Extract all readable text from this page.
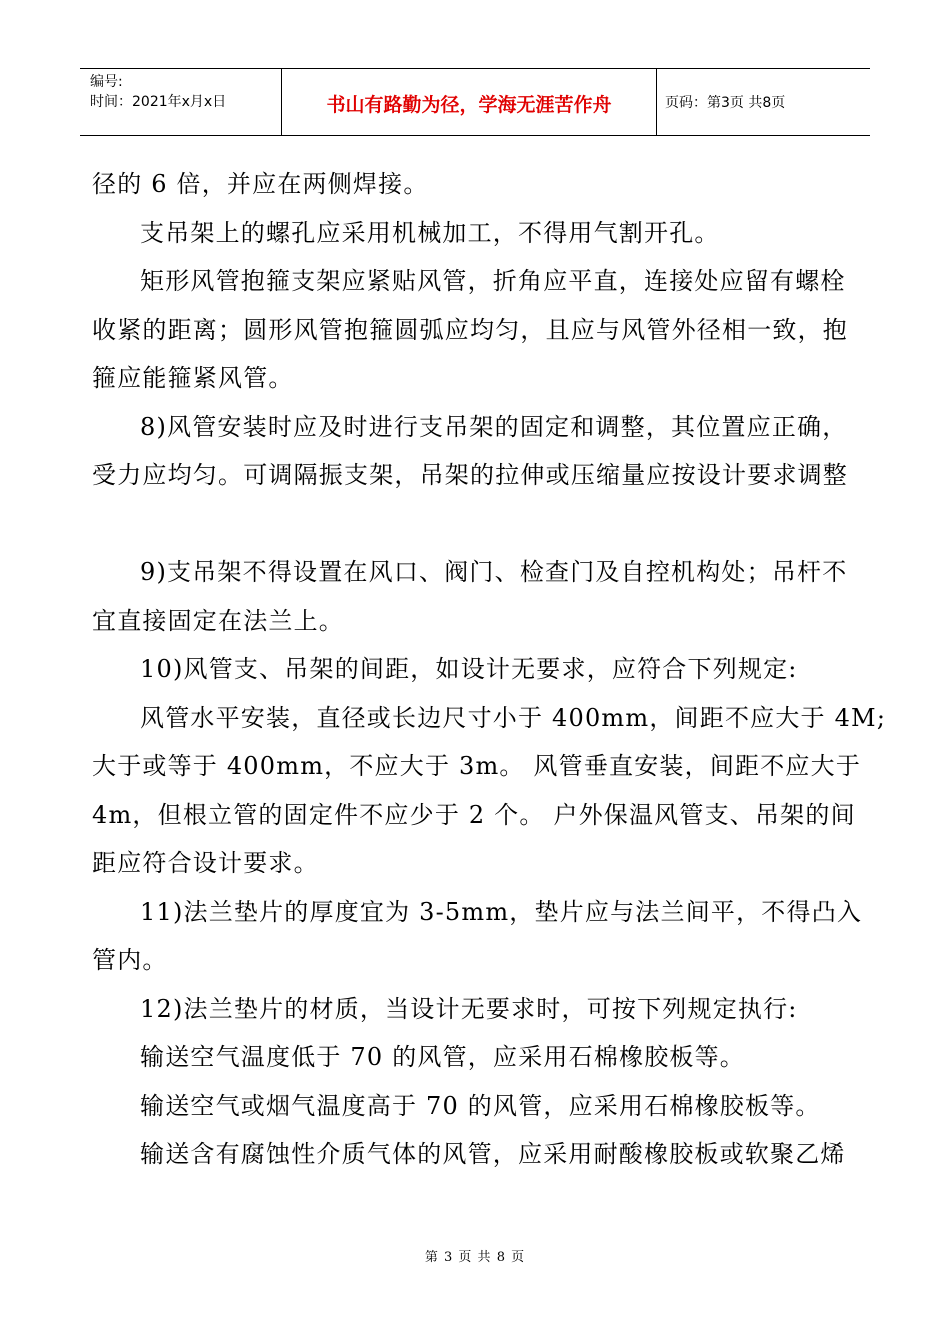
编号:
时间：2021年x月x日	书山有路勤为径，学海无涯苦作舟	页码：第3页 共8页

径的 6 倍，并应在两侧焊接。

支吊架上的螺孔应采用机械加工，不得用气割开孔。

矩形风管抱箍支架应紧贴风管，折角应平直，连接处应留有螺栓

收紧的距离；圆形风管抱箍圆弧应均匀，且应与风管外径相一致，抱

箍应能箍紧风管。

8)风管安装时应及时进行支吊架的固定和调整，其位置应正确，

受力应均匀。可调隔振支架，吊架的拉伸或压缩量应按设计要求调整

9)支吊架不得设置在风口、阀门、检查门及自控机构处；吊杆不

宜直接固定在法兰上。

10)风管支、吊架的间距，如设计无要求，应符合下列规定:

风管水平安装，直径或长边尺寸小于 400mm，间距不应大于 4M;

大于或等于 400mm，不应大于 3m。 风管垂直安装，间距不应大于

4m，但根立管的固定件不应少于 2 个。 户外保温风管支、吊架的间

距应符合设计要求。

11)法兰垫片的厚度宜为 3-5mm，垫片应与法兰间平，不得凸入

管内。

12)法兰垫片的材质，当设计无要求时，可按下列规定执行:

输送空气温度低于 70 的风管，应采用石棉橡胶板等。

输送空气或烟气温度高于 70 的风管，应采用石棉橡胶板等。

输送含有腐蚀性介质气体的风管，应采用耐酸橡胶板或软聚乙烯

第 3 页 共 8 页
